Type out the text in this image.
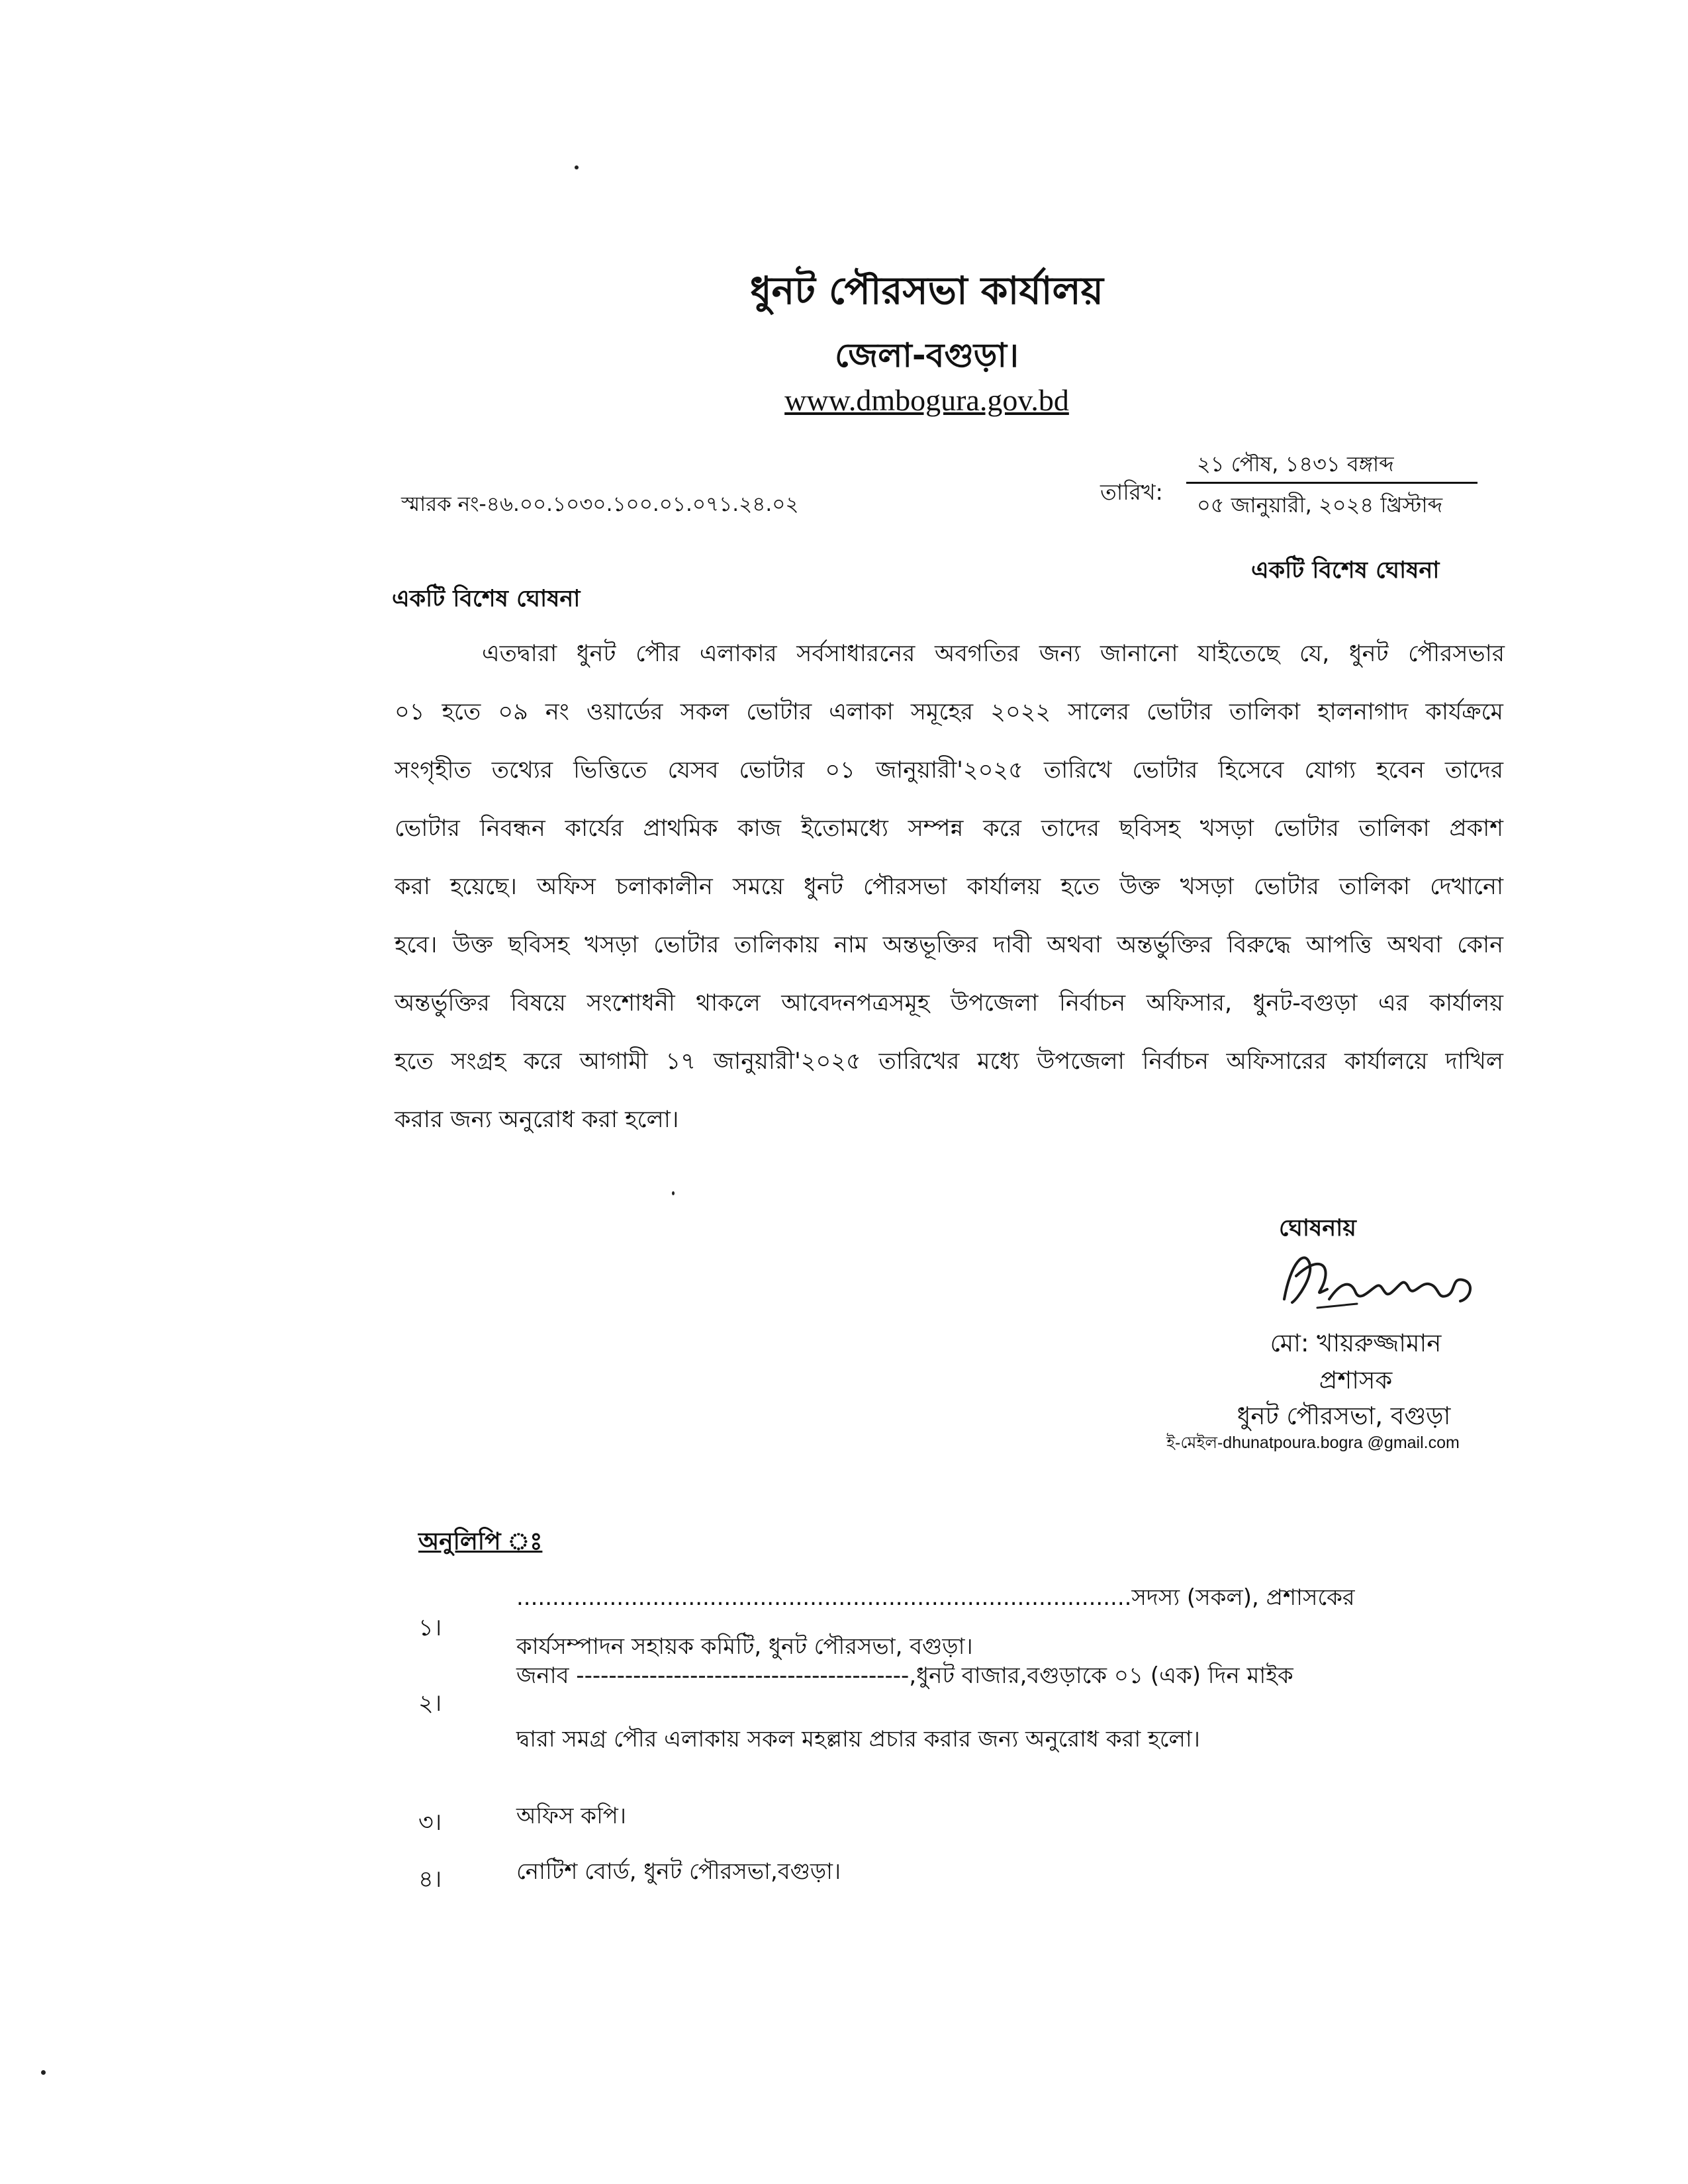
ধুনট পৌরসভা কার্যালয়
জেলা-বগুড়া।
www.dmbogura.gov.bd
স্মারক নং-৪৬.০০.১০৩০.১০০.০১.০৭১.২৪.০২	তারিখ:
২১ পৌষ, ১৪৩১ বঙ্গাব্দ
০৫ জানুয়ারী, ২০২৪ খ্রিস্টাব্দ
একটি বিশেষ ঘোষনা
একটি বিশেষ ঘোষনা
এতদ্বারা ধুনট পৌর এলাকার সর্বসাধারনের অবগতির জন্য জানানো যাইতেছে যে, ধুনট পৌরসভার
০১ হতে ০৯ নং ওয়ার্ডের সকল ভোটার এলাকা সমূহের ২০২২ সালের ভোটার তালিকা হালনাগাদ কার্যক্রমে
সংগৃহীত তথ্যের ভিত্তিতে যেসব ভোটার ০১ জানুয়ারী'২০২৫ তারিখে ভোটার হিসেবে যোগ্য হবেন তাদের
ভোটার নিবন্ধন কার্যের প্রাথমিক কাজ ইতোমধ্যে সম্পন্ন করে তাদের ছবিসহ খসড়া ভোটার তালিকা প্রকাশ
করা হয়েছে। অফিস চলাকালীন সময়ে ধুনট পৌরসভা কার্যালয় হতে উক্ত খসড়া ভোটার তালিকা দেখানো
হবে। উক্ত ছবিসহ খসড়া ভোটার তালিকায় নাম অন্তভূক্তির দাবী অথবা অন্তর্ভুক্তির বিরুদ্ধে আপত্তি অথবা কোন
অন্তর্ভুক্তির বিষয়ে সংশোধনী থাকলে আবেদনপত্রসমূহ উপজেলা নির্বাচন অফিসার, ধুনট-বগুড়া এর কার্যালয়
হতে সংগ্রহ করে আগামী ১৭ জানুয়ারী'২০২৫ তারিখের মধ্যে উপজেলা নির্বাচন অফিসারের কার্যালয়ে দাখিল
করার জন্য অনুরোধ করা হলো।
ঘোষনায়
মো: খায়রুজ্জামান
প্রশাসক
ধুনট পৌরসভা, বগুড়া
ই-মেইল-dhunatpoura.bogra @gmail.com
অনুলিপি ঃ
১।
......................................................................................সদস্য (সকল), প্রশাসকের
কার্যসম্পাদন সহায়ক কমিটি, ধুনট পৌরসভা, বগুড়া।
২।
জনাব -----------------------------------------,ধুনট বাজার,বগুড়াকে ০১ (এক) দিন মাইক
দ্বারা সমগ্র পৌর এলাকায় সকল মহল্লায় প্রচার করার জন্য অনুরোধ করা হলো।
৩।	অফিস কপি।
৪।	নোটিশ বোর্ড, ধুনট পৌরসভা,বগুড়া।
